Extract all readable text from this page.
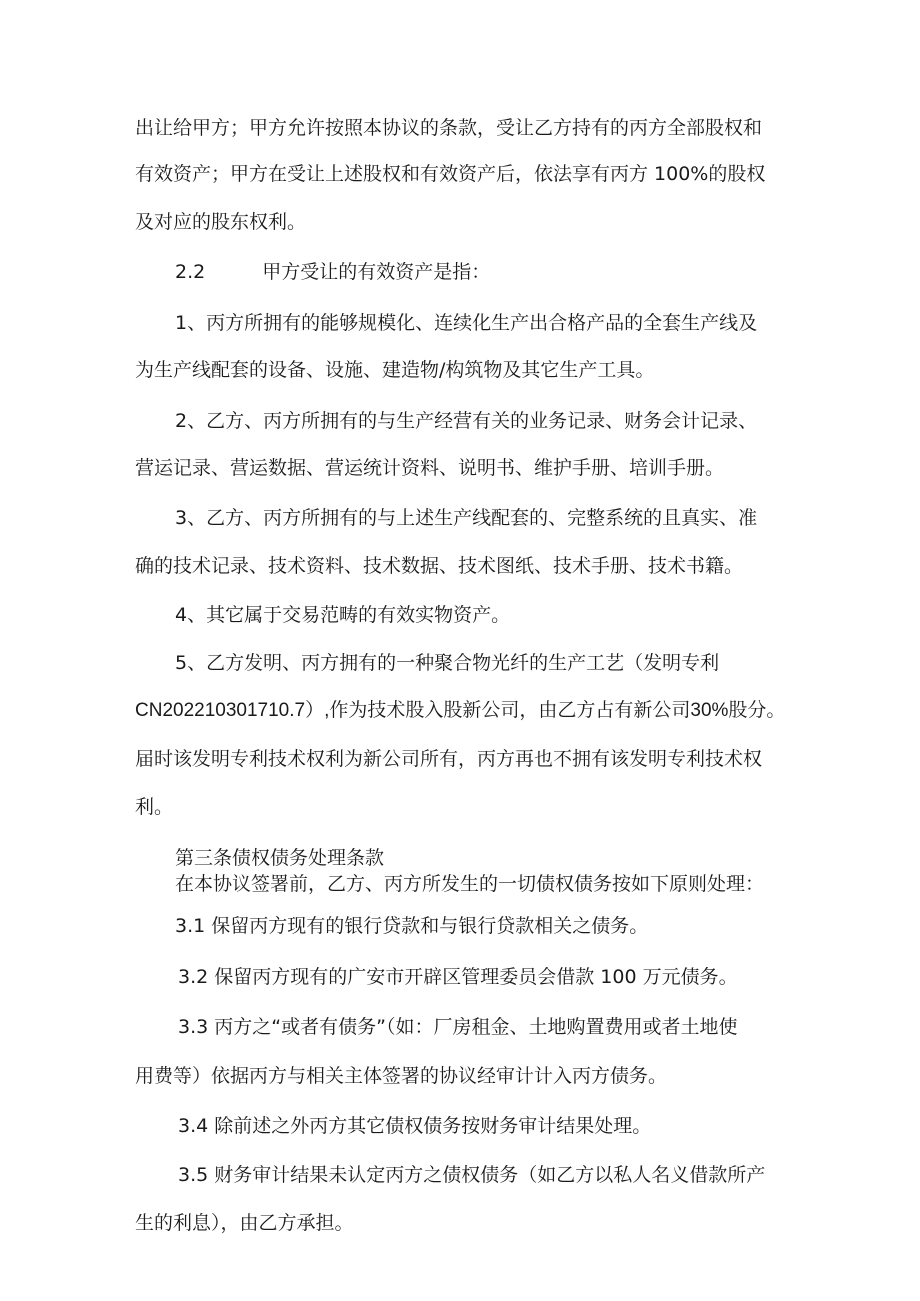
出让给甲方；甲方允许按照本协议的条款，受让乙方持有的丙方全部股权和
有效资产；甲方在受让上述股权和有效资产后，依法享有丙方 100%的股权
及对应的股东权利。
2.2　　　甲方受让的有效资产是指：
1、丙方所拥有的能够规模化、连续化生产出合格产品的全套生产线及
为生产线配套的设备、设施、建造物/构筑物及其它生产工具。
2、乙方、丙方所拥有的与生产经营有关的业务记录、财务会计记录、
营运记录、营运数据、营运统计资料、说明书、维护手册、培训手册。
3、乙方、丙方所拥有的与上述生产线配套的、完整系统的且真实、准
确的技术记录、技术资料、技术数据、技术图纸、技术手册、技术书籍。
4、其它属于交易范畴的有效实物资产。
5、乙方发明、丙方拥有的一种聚合物光纤的生产工艺（发明专利
CN202210301710.7）,作为技术股入股新公司，由乙方占有新公司30%股分。
届时该发明专利技术权利为新公司所有，丙方再也不拥有该发明专利技术权
利。
第三条债权债务处理条款
在本协议签署前，乙方、丙方所发生的一切债权债务按如下原则处理：
3.1 保留丙方现有的银行贷款和与银行贷款相关之债务。
3.2 保留丙方现有的广安市开辟区管理委员会借款 100 万元债务。
3.3 丙方之“或者有债务”（如：厂房租金、土地购置费用或者土地使
用费等）依据丙方与相关主体签署的协议经审计计入丙方债务。
3.4 除前述之外丙方其它债权债务按财务审计结果处理。
3.5 财务审计结果未认定丙方之债权债务（如乙方以私人名义借款所产
生的利息），由乙方承担。
